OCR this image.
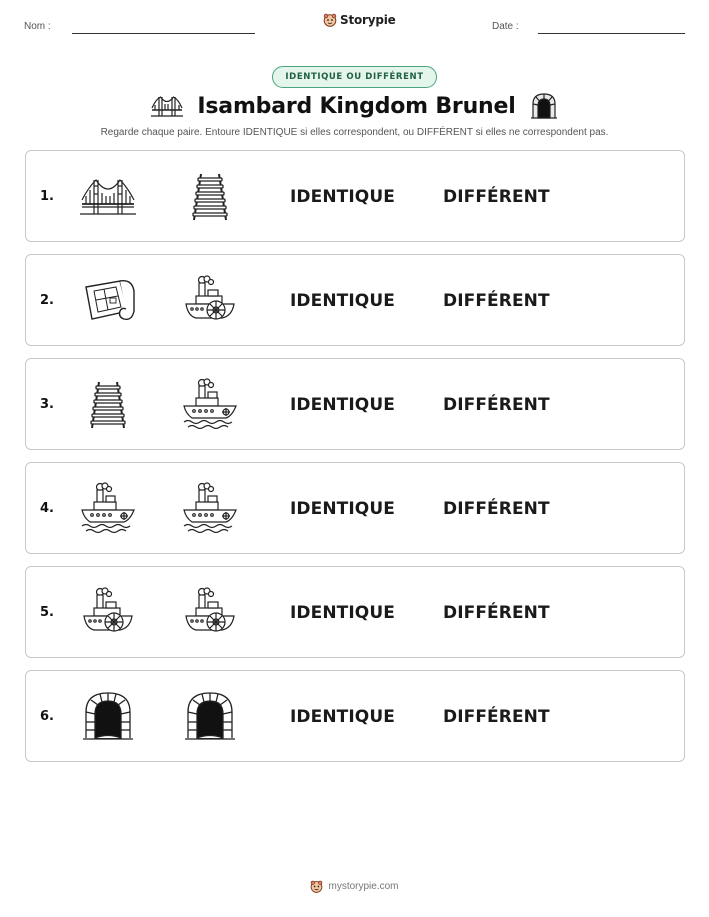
Nom :	Storypie	Date :
IDENTIQUE OU DIFFÉRENT
Isambard Kingdom Brunel
Regarde chaque paire. Entoure IDENTIQUE si elles correspondent, ou DIFFÉRENT si elles ne correspondent pas.
1.	IDENTIQUE	DIFFÉRENT
2.	IDENTIQUE	DIFFÉRENT
3.	IDENTIQUE	DIFFÉRENT
4.	IDENTIQUE	DIFFÉRENT
5.	IDENTIQUE	DIFFÉRENT
6.	IDENTIQUE	DIFFÉRENT
mystorypie.com
